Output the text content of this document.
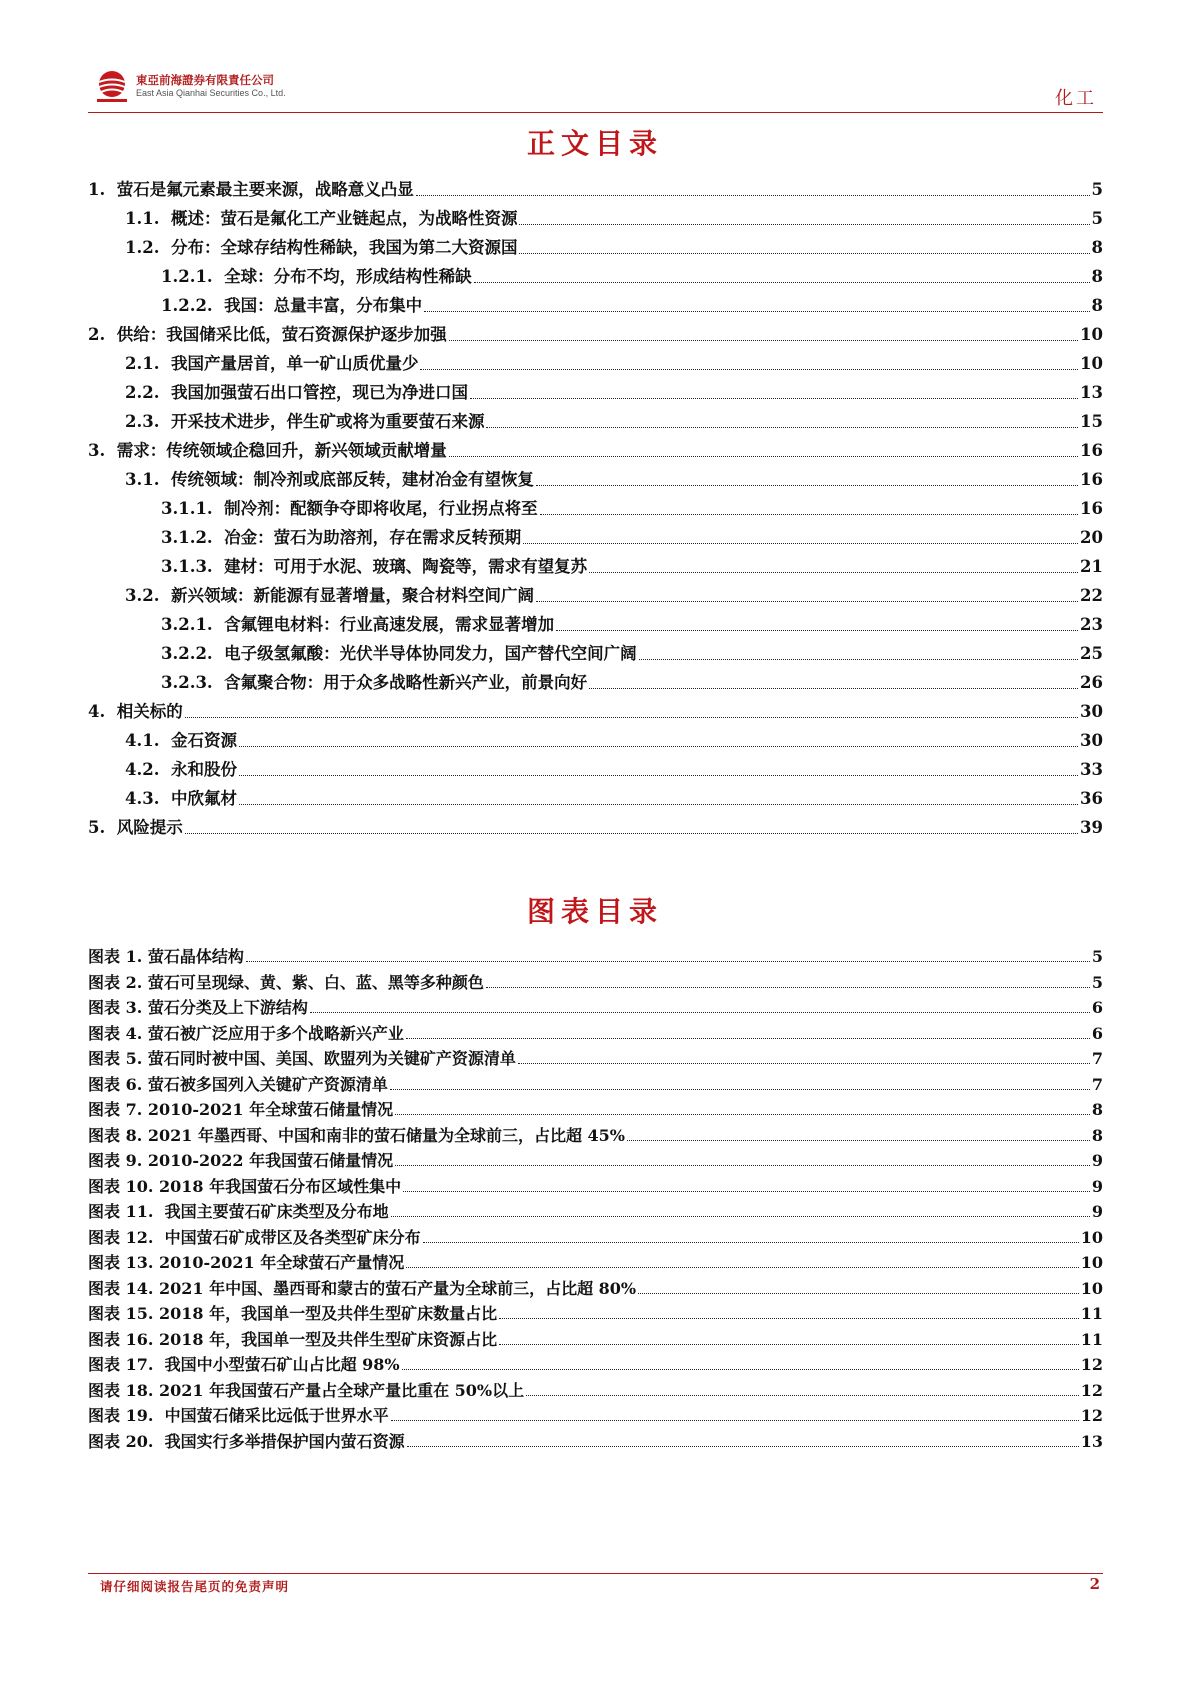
東亞前海證券有限責任公司
East Asia Qianhai Securities Co., Ltd.	化工
正文目录
1. 萤石是氟元素最主要来源，战略意义凸显	5
1.1. 概述：萤石是氟化工产业链起点，为战略性资源	5
1.2. 分布：全球存结构性稀缺，我国为第二大资源国	8
1.2.1. 全球：分布不均，形成结构性稀缺	8
1.2.2. 我国：总量丰富，分布集中	8
2. 供给：我国储采比低，萤石资源保护逐步加强	10
2.1. 我国产量居首，单一矿山质优量少	10
2.2. 我国加强萤石出口管控，现已为净进口国	13
2.3. 开采技术进步，伴生矿或将为重要萤石来源	15
3. 需求：传统领域企稳回升，新兴领域贡献增量	16
3.1. 传统领域：制冷剂或底部反转，建材冶金有望恢复	16
3.1.1. 制冷剂：配额争夺即将收尾，行业拐点将至	16
3.1.2. 冶金：萤石为助溶剂，存在需求反转预期	20
3.1.3. 建材：可用于水泥、玻璃、陶瓷等，需求有望复苏	21
3.2. 新兴领域：新能源有显著增量，聚合材料空间广阔	22
3.2.1. 含氟锂电材料：行业高速发展，需求显著增加	23
3.2.2. 电子级氢氟酸：光伏半导体协同发力，国产替代空间广阔	25
3.2.3. 含氟聚合物：用于众多战略性新兴产业，前景向好	26
4. 相关标的	30
4.1. 金石资源	30
4.2. 永和股份	33
4.3. 中欣氟材	36
5. 风险提示	39
图表目录
图表 1. 萤石晶体结构	5
图表 2. 萤石可呈现绿、黄、紫、白、蓝、黑等多种颜色	5
图表 3. 萤石分类及上下游结构	6
图表 4. 萤石被广泛应用于多个战略新兴产业	6
图表 5. 萤石同时被中国、美国、欧盟列为关键矿产资源清单	7
图表 6. 萤石被多国列入关键矿产资源清单	7
图表 7. 2010-2021 年全球萤石储量情况	8
图表 8. 2021 年墨西哥、中国和南非的萤石储量为全球前三，占比超 45%	8
图表 9. 2010-2022 年我国萤石储量情况	9
图表 10. 2018 年我国萤石分布区域性集中	9
图表 11. 我国主要萤石矿床类型及分布地	9
图表 12. 中国萤石矿成带区及各类型矿床分布	10
图表 13. 2010-2021 年全球萤石产量情况	10
图表 14. 2021 年中国、墨西哥和蒙古的萤石产量为全球前三，占比超 80%	10
图表 15. 2018 年，我国单一型及共伴生型矿床数量占比	11
图表 16. 2018 年，我国单一型及共伴生型矿床资源占比	11
图表 17. 我国中小型萤石矿山占比超 98%	12
图表 18. 2021 年我国萤石产量占全球产量比重在 50%以上	12
图表 19. 中国萤石储采比远低于世界水平	12
图表 20. 我国实行多举措保护国内萤石资源	13
请仔细阅读报告尾页的免责声明	2
